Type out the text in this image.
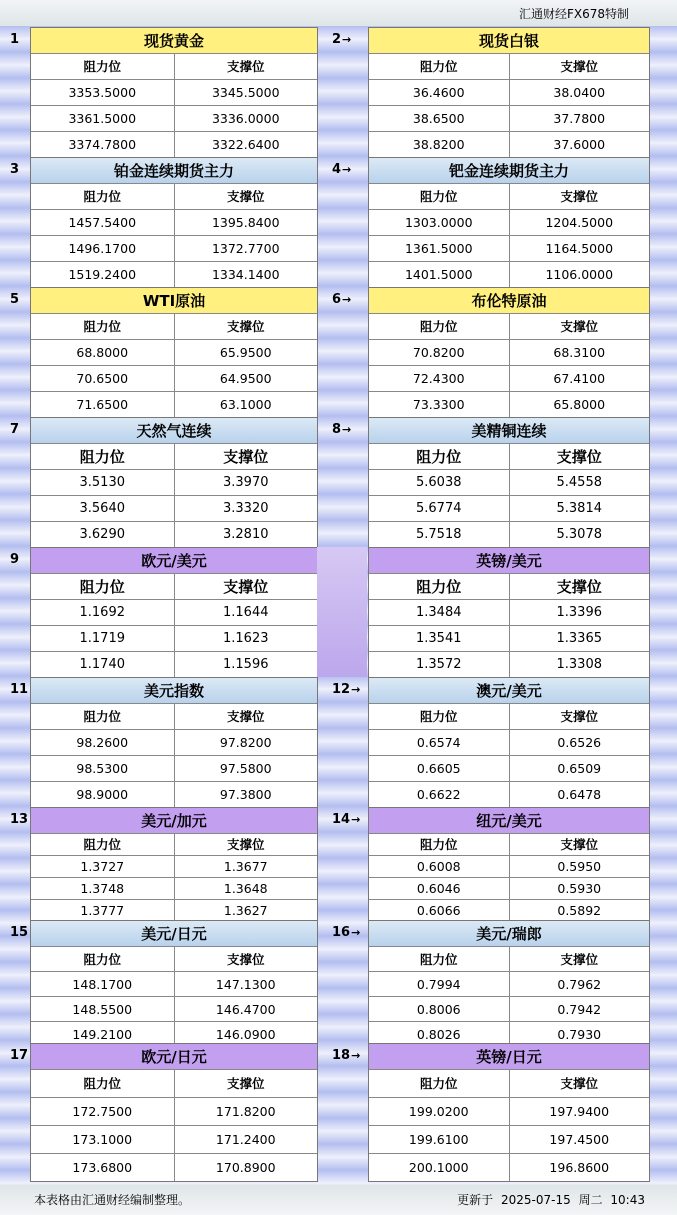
汇通财经FX678特制
1	现货黄金
阻力位	支撑位
3353.5000	3345.5000
3361.5000	3336.0000
3374.7800	3322.6400
2→	现货白银
阻力位	支撑位
36.4600	38.0400
38.6500	37.7800
38.8200	37.6000
3	铂金连续期货主力
阻力位	支撑位
1457.5400	1395.8400
1496.1700	1372.7700
1519.2400	1334.1400
4→	钯金连续期货主力
阻力位	支撑位
1303.0000	1204.5000
1361.5000	1164.5000
1401.5000	1106.0000
5	WTI原油
阻力位	支撑位
68.8000	65.9500
70.6500	64.9500
71.6500	63.1000
6→	布伦特原油
阻力位	支撑位
70.8200	68.3100
72.4300	67.4100
73.3300	65.8000
7	天然气连续
阻力位	支撑位
3.5130	3.3970
3.5640	3.3320
3.6290	3.2810
8→	美精铜连续
阻力位	支撑位
5.6038	5.4558
5.6774	5.3814
5.7518	5.3078
9	欧元/美元
阻力位	支撑位
1.1692	1.1644
1.1719	1.1623
1.1740	1.1596
英镑/美元
阻力位	支撑位
1.3484	1.3396
1.3541	1.3365
1.3572	1.3308
11	美元指数
阻力位	支撑位
98.2600	97.8200
98.5300	97.5800
98.9000	97.3800
12→	澳元/美元
阻力位	支撑位
0.6574	0.6526
0.6605	0.6509
0.6622	0.6478
13	美元/加元
阻力位	支撑位
1.3727	1.3677
1.3748	1.3648
1.3777	1.3627
14→	纽元/美元
阻力位	支撑位
0.6008	0.5950
0.6046	0.5930
0.6066	0.5892
15	美元/日元
阻力位	支撑位
148.1700	147.1300
148.5500	146.4700
149.2100	146.0900
16→	美元/瑞郎
阻力位	支撑位
0.7994	0.7962
0.8006	0.7942
0.8026	0.7930
17	欧元/日元
阻力位	支撑位
172.7500	171.8200
173.1000	171.2400
173.6800	170.8900
18→	英镑/日元
阻力位	支撑位
199.0200	197.9400
199.6100	197.4500
200.1000	196.8600
本表格由汇通财经编制整理。	更新于 2025-07-15 周二 10:43
